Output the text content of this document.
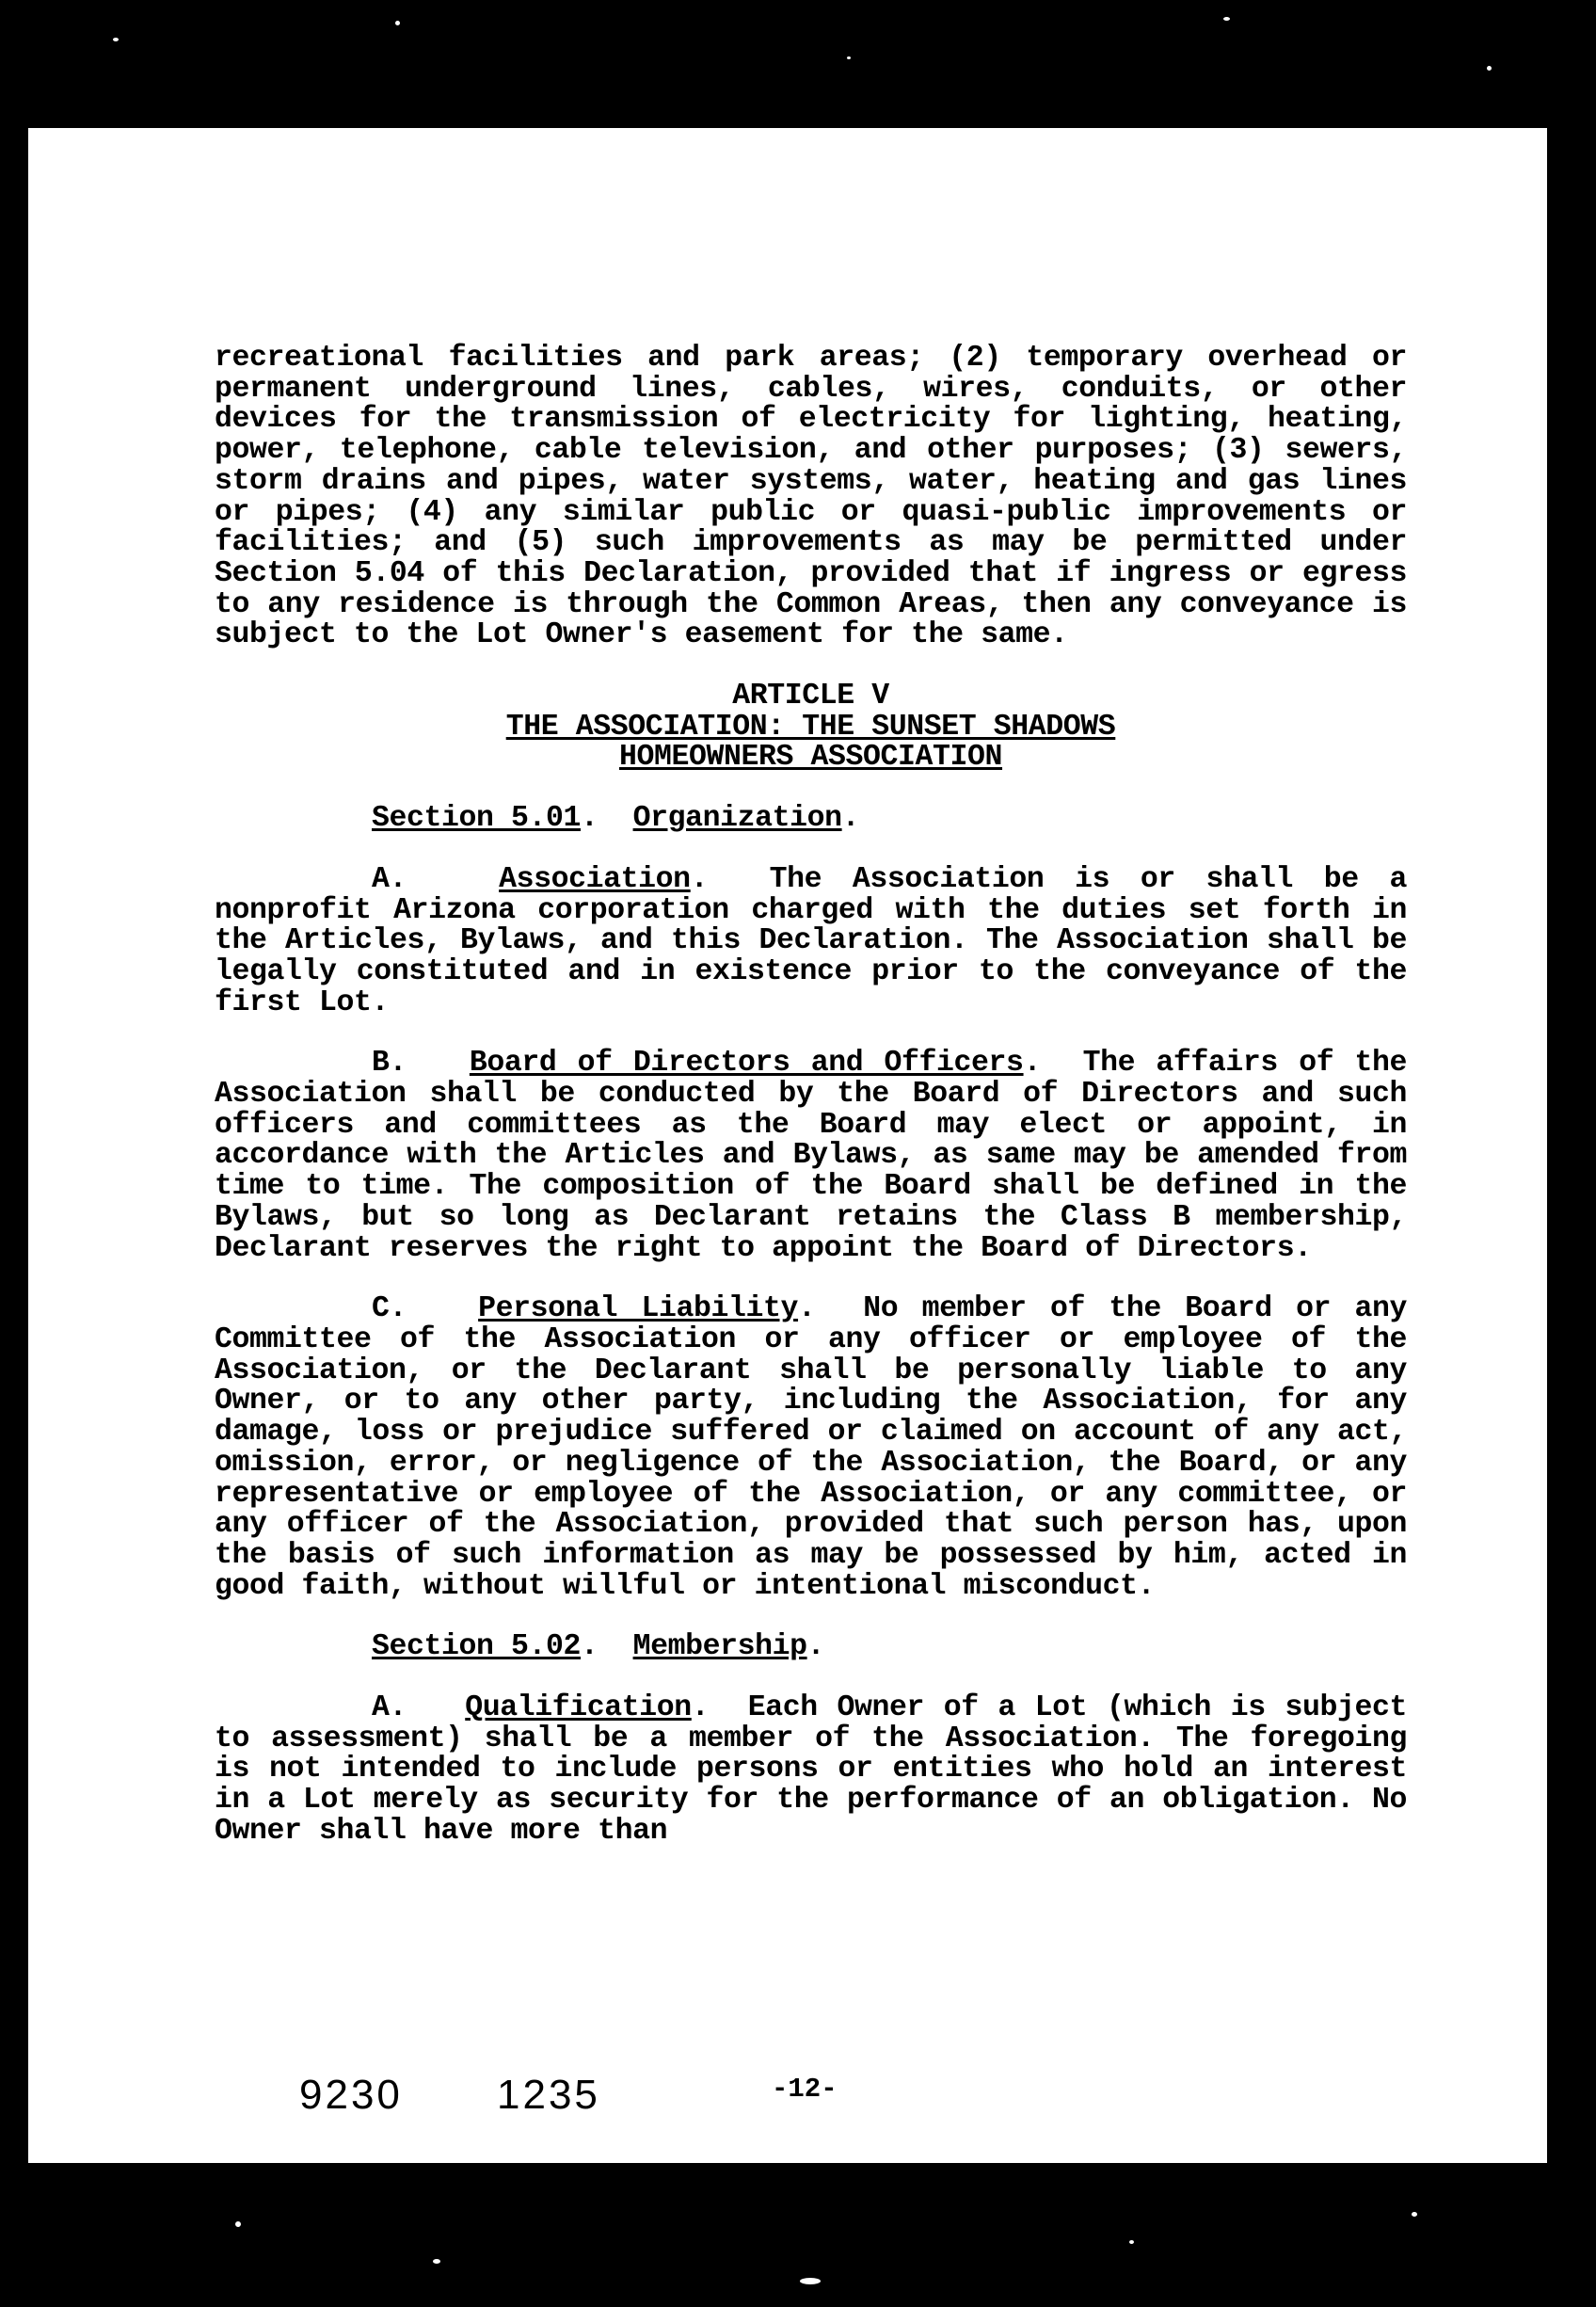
recreational facilities and park areas; (2) temporary overhead or permanent underground lines, cables, wires, conduits, or other devices for the transmission of electricity for lighting, heating, power, telephone, cable television, and other purposes; (3) sewers, storm drains and pipes, water systems, water, heating and gas lines or pipes; (4) any similar public or quasi-public improvements or facilities; and (5) such improvements as may be permitted under Section 5.04 of this Declaration, provided that if ingress or egress to any residence is through the Common Areas, then any conveyance is subject to the Lot Owner's easement for the same.

ARTICLE V
THE ASSOCIATION: THE SUNSET SHADOWS
HOMEOWNERS ASSOCIATION

Section 5.01.  Organization.

A.	Association.  The Association is or shall be a nonprofit Arizona corporation charged with the duties set forth in the Articles, Bylaws, and this Declaration. The Association shall be legally constituted and in existence prior to the conveyance of the first Lot.

B. Board of Directors and Officers.  The affairs of the Association shall be conducted by the Board of Directors and such officers and committees as the Board may elect or appoint, in accordance with the Articles and Bylaws, as same may be amended from time to time. The composition of the Board shall be defined in the Bylaws, but so long as Declarant retains the Class B membership, Declarant reserves the right to appoint the Board of Directors.

C. Personal Liability.  No member of the Board or any Committee of the Association or any officer or employee of the Association, or the Declarant shall be personally liable to any Owner, or to any other party, including the Association, for any damage, loss or prejudice suffered or claimed on account of any act, omission, error, or negligence of the Association, the Board, or any representative or employee of the Association, or any committee, or any officer of the Association, provided that such person has, upon the basis of such information as may be possessed by him, acted in good faith, without willful or intentional misconduct.

Section 5.02.  Membership.

A. Qualification.  Each Owner of a Lot (which is subject to assessment) shall be a member of the Association. The foregoing is not intended to include persons or entities who hold an interest in a Lot merely as security for the performance of an obligation. No Owner shall have more than

9230 1235	-12-
